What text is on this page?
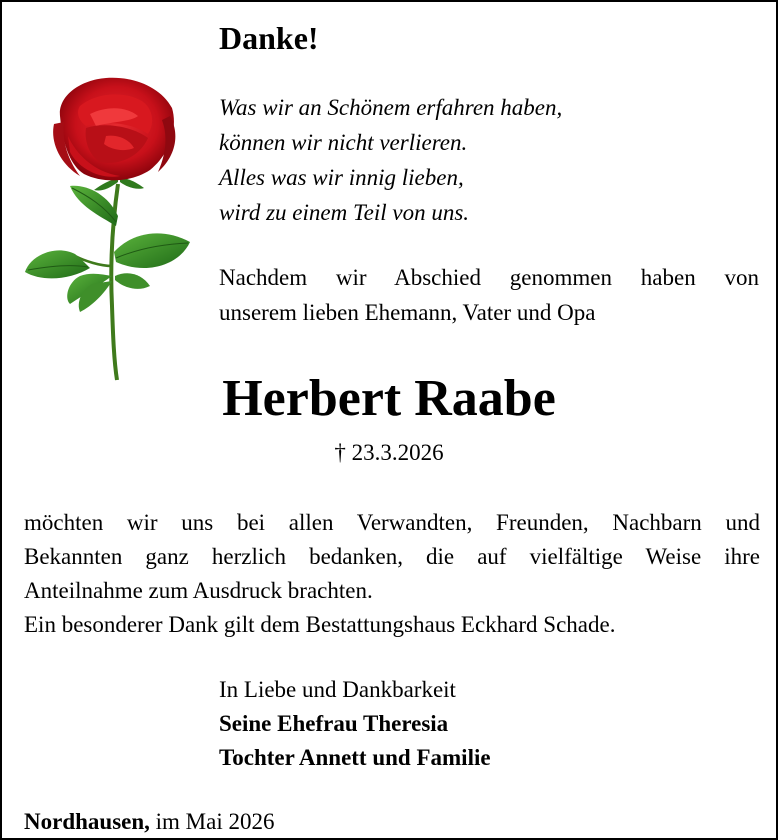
Danke!
Was wir an Schönem erfahren haben,
können wir nicht verlieren.
Alles was wir innig lieben,
wird zu einem Teil von uns.
Nachdem wir Abschied genommen haben von
unserem lieben Ehemann, Vater und Opa
Herbert Raabe
† 23.3.2026
möchten wir uns bei allen Verwandten, Freunden, Nachbarn und
Bekannten ganz herzlich bedanken, die auf vielfältige Weise ihre
Anteilnahme zum Ausdruck brachten.
Ein besonderer Dank gilt dem Bestattungshaus Eckhard Schade.
In Liebe und Dankbarkeit
Seine Ehefrau Theresia
Tochter Annett und Familie
Nordhausen, im Mai 2026
